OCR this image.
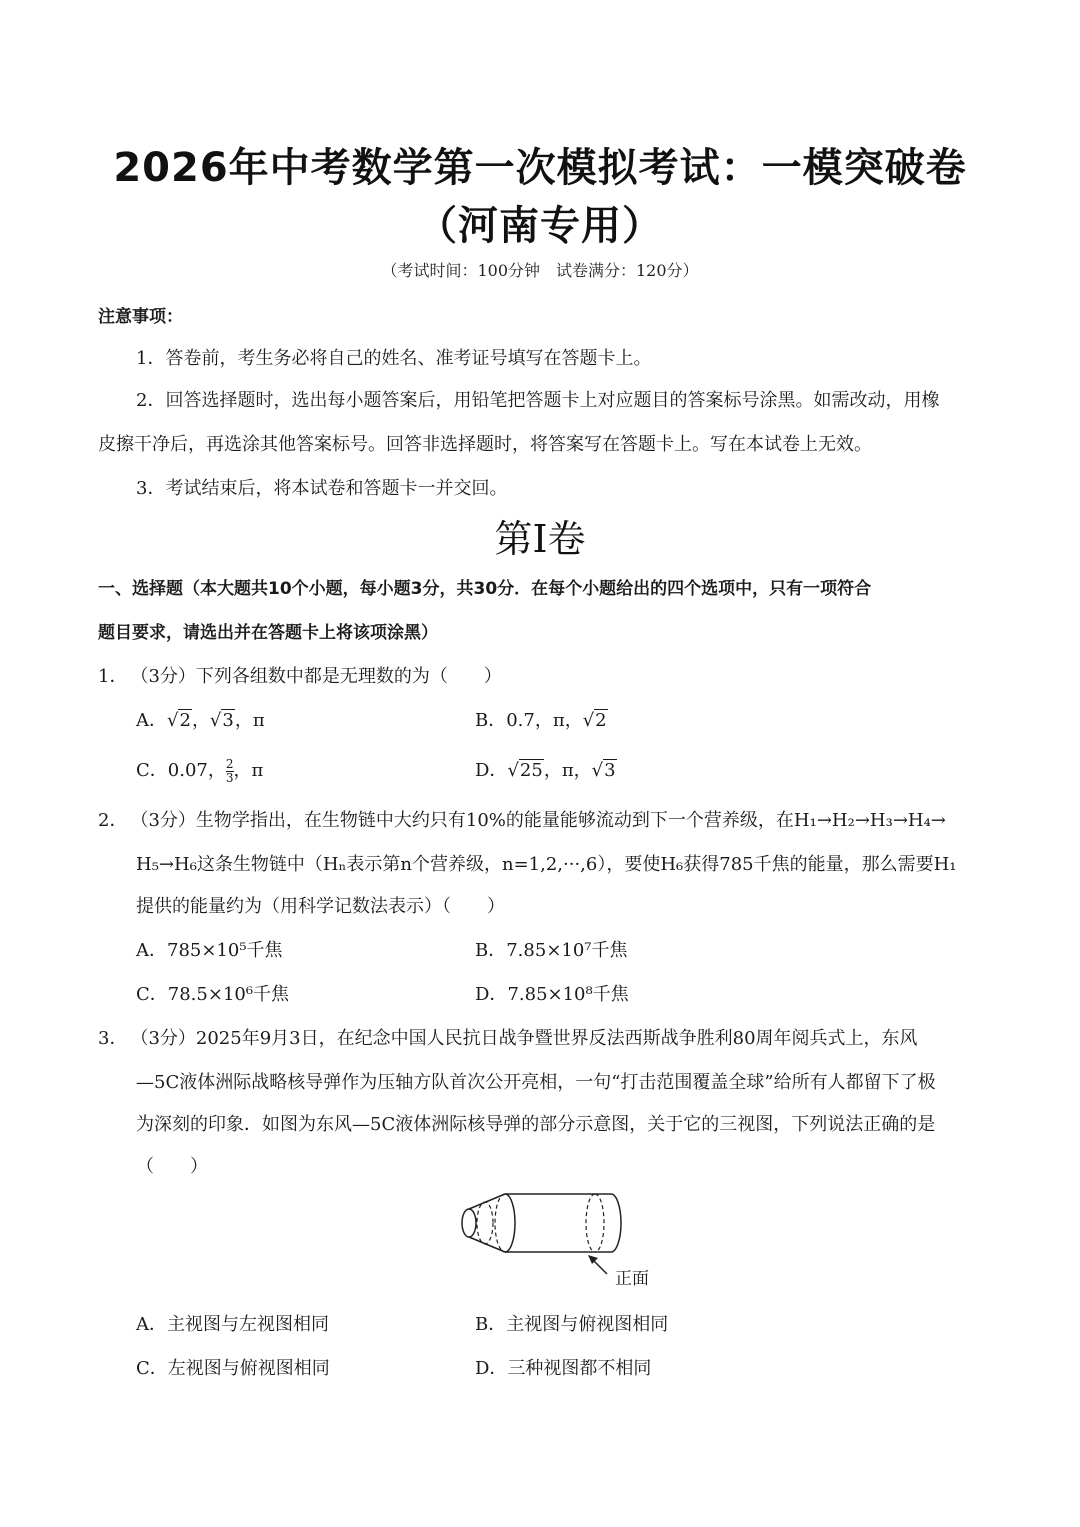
2026年中考数学第一次模拟考试：一模突破卷
（河南专用）
（考试时间：100分钟　试卷满分：120分）
注意事项：
1．答卷前，考生务必将自己的姓名、准考证号填写在答题卡上。
2．回答选择题时，选出每小题答案后，用铅笔把答题卡上对应题目的答案标号涂黑。如需改动，用橡
皮擦干净后，再选涂其他答案标号。回答非选择题时，将答案写在答题卡上。写在本试卷上无效。
3．考试结束后，将本试卷和答题卡一并交回。
第I卷
一、选择题（本大题共10个小题，每小题3分，共30分．在每个小题给出的四个选项中，只有一项符合
题目要求，请选出并在答题卡上将该项涂黑）
1． （3分）下列各组数中都是无理数的为（　　）
A．√2，√3，π	B．0.7，π，√2
C．0.07， $\frac{2}{3}$ ，π	D．√25，π，√3
2． （3分）生物学指出，在生物链中大约只有10%的能量能够流动到下一个营养级，在H₁→H₂→H₃→H₄→
H₅→H₆这条生物链中（Hₙ表示第n个营养级，n=1,2,···,6），要使H₆获得785千焦的能量，那么需要H₁
提供的能量约为（用科学记数法表示）（　　）
A．785×10⁵千焦	B．7.85×10⁷千焦
C．78.5×10⁶千焦	D．7.85×10⁸千焦
3． （3分）2025年9月3日，在纪念中国人民抗日战争暨世界反法西斯战争胜利80周年阅兵式上，东风
—5C液体洲际战略核导弹作为压轴方队首次公开亮相，一句“打击范围覆盖全球”给所有人都留下了极
为深刻的印象．如图为东风—5C液体洲际核导弹的部分示意图，关于它的三视图，下列说法正确的是
（　　）
正面
A．主视图与左视图相同	B．主视图与俯视图相同
C．左视图与俯视图相同	D．三种视图都不相同
